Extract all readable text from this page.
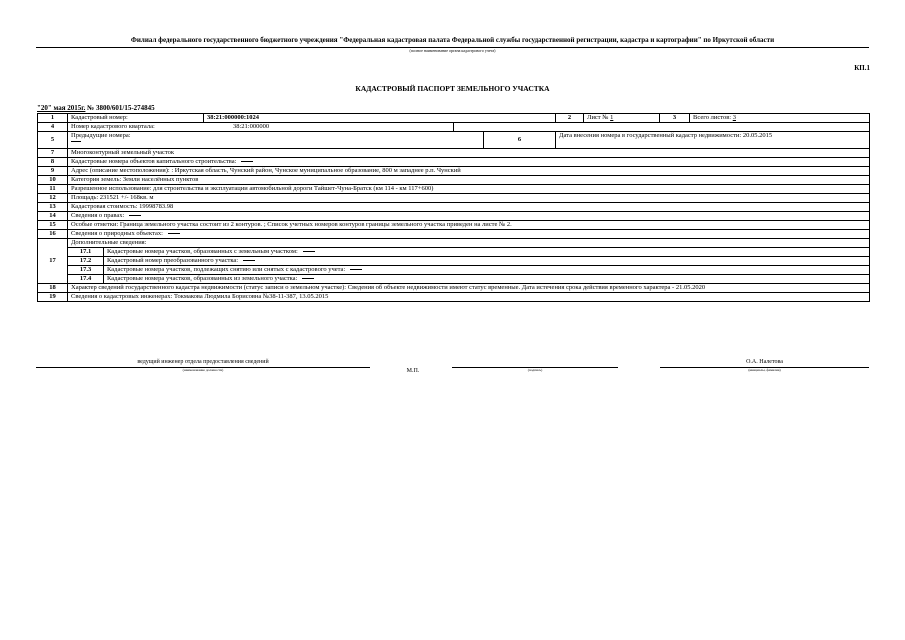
Филиал федерального государственного бюджетного учреждения "Федеральная кадастровая палата Федеральной службы государственной регистрации, кадастра и картографии" по Иркутской области
(полное наименование органа кадастрового учета)
КП.1
КАДАСТРОВЫЙ ПАСПОРТ ЗЕМЕЛЬНОГО УЧАСТКА
"20" мая 2015г. № 3800/601/15-274845
1	Кадастровый номер:		38:21:000000:1024			2	Лист № 1	3	Всего листов: 3
4	Номер кадастрового квартала: 38:21:000000								
5	Предыдущие номера:				6	Дата внесения номера в государственный кадастр недвижимости: 20.05.2015			
7	Многоконтурный земельный участок								
8	Кадастровые номера объектов капитального строительства:								
9	Адрес (описание местоположения): : Иркутская область, Чунский район, Чунское муниципальное образование, 800 м западнее р.п. Чунский								
10	Категория земель: Земли населённых пунктов								
11	Разрешенное использование: для строительства и эксплуатации автомобильной дороги Тайшет-Чуна-Братск (км 114 - км 117+600)								
12	Площадь: 231521 +/- 168кв. м								
13	Кадастровая стоимость: 19998783.98								
14	Сведения о правах:								
15	Особые отметки: Граница земельного участка состоит из 2 контуров. ; Список учетных номеров контуров границы земельного участка приведен на листе № 2.								
16	Сведения о природных объектах:								
17	Дополнительные сведения:								
	17.1	Кадастровые номера участков, образованных с земельным участком:							
	17.2	Кадастровый номер преобразованного участка:							
	17.3	Кадастровые номера участков, подлежащих снятию или снятых с кадастрового учета:							
	17.4	Кадастровые номера участков, образованных из земельного участка:							
18	Характер сведений государственного кадастра недвижимости (статус записи о земельном участке): Сведения об объекте недвижимости имеют статус временные. Дата истечения срока действия временного характера - 21.05.2020								
19	Сведения о кадастровых инженерах: Токмакова Людмила Борисовна №38-11-387, 13.05.2015								
ведущий инженер отдела предоставления сведений
(наименование должности)	М.П.	(подпись)
О.А. Налетова
(инициалы, фамилия)
